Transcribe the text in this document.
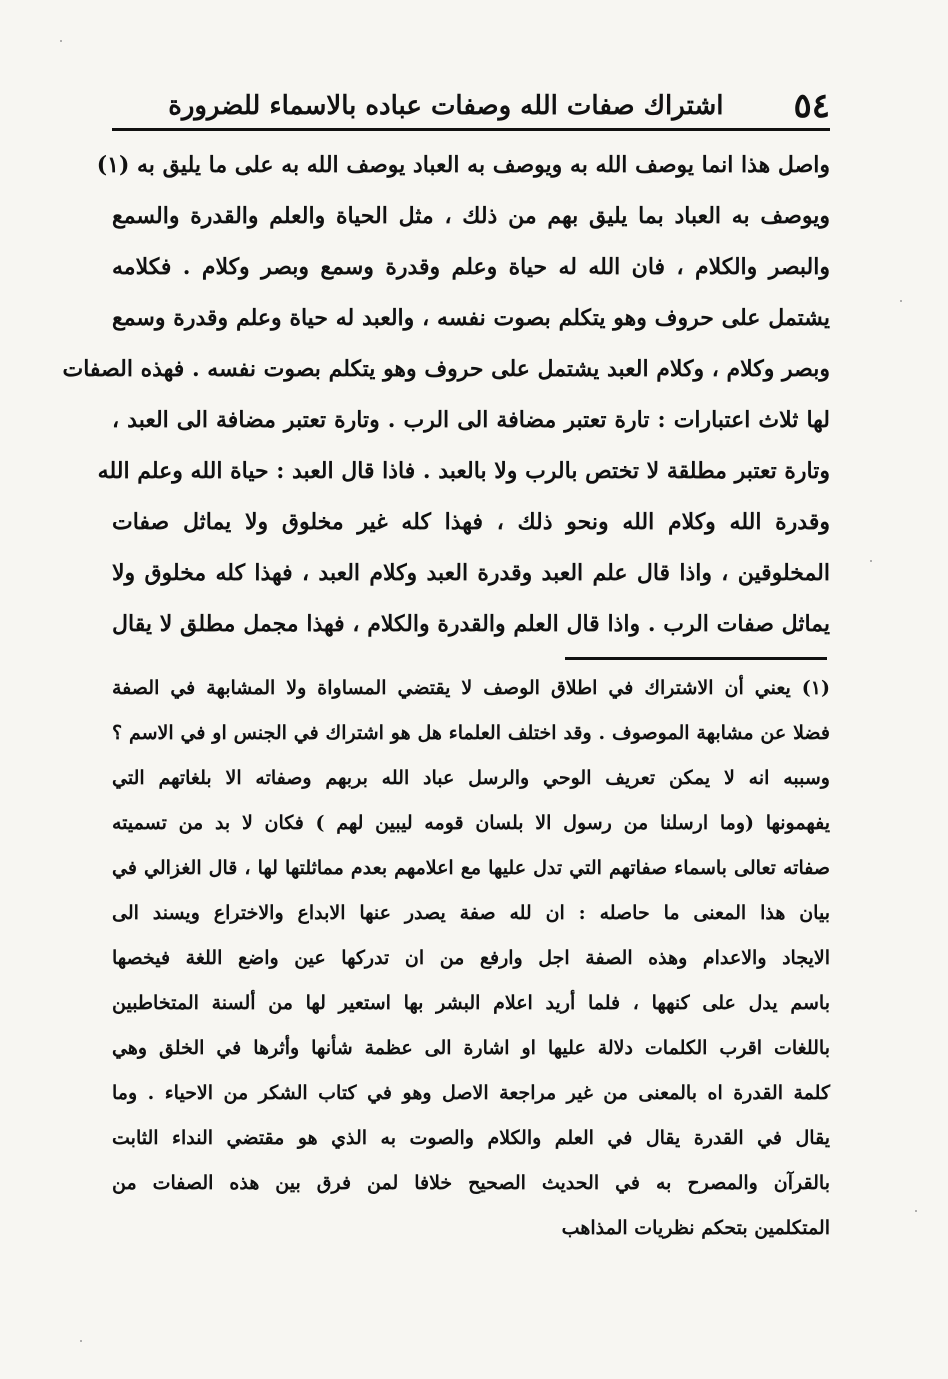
٥٤
اشتراك صفات الله وصفات عباده بالاسماء للضرورة
واصل هذا انما يوصف الله به ويوصف به العباد يوصف الله به على ما يليق به (١)
ويوصف به العباد بما يليق بهم من ذلك ، مثل الحياة والعلم والقدرة والسمع
والبصر والكلام ، فان الله له حياة وعلم وقدرة وسمع وبصر وكلام . فكلامه
يشتمل على حروف وهو يتكلم بصوت نفسه ، والعبد له حياة وعلم وقدرة وسمع
وبصر وكلام ، وكلام العبد يشتمل على حروف وهو يتكلم بصوت نفسه . فهذه الصفات
لها ثلاث اعتبارات : تارة تعتبر مضافة الى الرب . وتارة تعتبر مضافة الى العبد ،
وتارة تعتبر مطلقة لا تختص بالرب ولا بالعبد . فاذا قال العبد : حياة الله وعلم الله
وقدرة الله وكلام الله ونحو ذلك ، فهذا كله غير مخلوق ولا يماثل صفات
المخلوقين ، واذا قال علم العبد وقدرة العبد وكلام العبد ، فهذا كله مخلوق ولا
يماثل صفات الرب . واذا قال العلم والقدرة والكلام ، فهذا مجمل مطلق لا يقال
(١) يعني أن الاشتراك في اطلاق الوصف لا يقتضي المساواة ولا المشابهة في الصفة
فضلا عن مشابهة الموصوف . وقد اختلف العلماء هل هو اشتراك في الجنس او في الاسم ؟
وسببه انه لا يمكن تعريف الوحي والرسل عباد الله بربهم وصفاته الا بلغاتهم التي
يفهمونها (وما ارسلنا من رسول الا بلسان قومه ليبين لهم ) فكان لا بد من تسميته
صفاته تعالى باسماء صفاتهم التي تدل عليها مع اعلامهم بعدم مماثلتها لها ، قال الغزالي في
بيان هذا المعنى ما حاصله : ان لله صفة يصدر عنها الابداع والاختراع ويسند الى
الايجاد والاعدام وهذه الصفة اجل وارفع من ان تدركها عين واضع اللغة فيخصها
باسم يدل على كنهها ، فلما أريد اعلام البشر بها استعير لها من ألسنة المتخاطبين
باللغات اقرب الكلمات دلالة عليها او اشارة الى عظمة شأنها وأثرها في الخلق وهي
كلمة القدرة اه بالمعنى من غير مراجعة الاصل وهو في كتاب الشكر من الاحياء . وما
يقال في القدرة يقال في العلم والكلام والصوت به الذي هو مقتضي النداء الثابت
بالقرآن والمصرح به في الحديث الصحيح خلافا لمن فرق بين هذه الصفات من
المتكلمين بتحكم نظريات المذاهب
